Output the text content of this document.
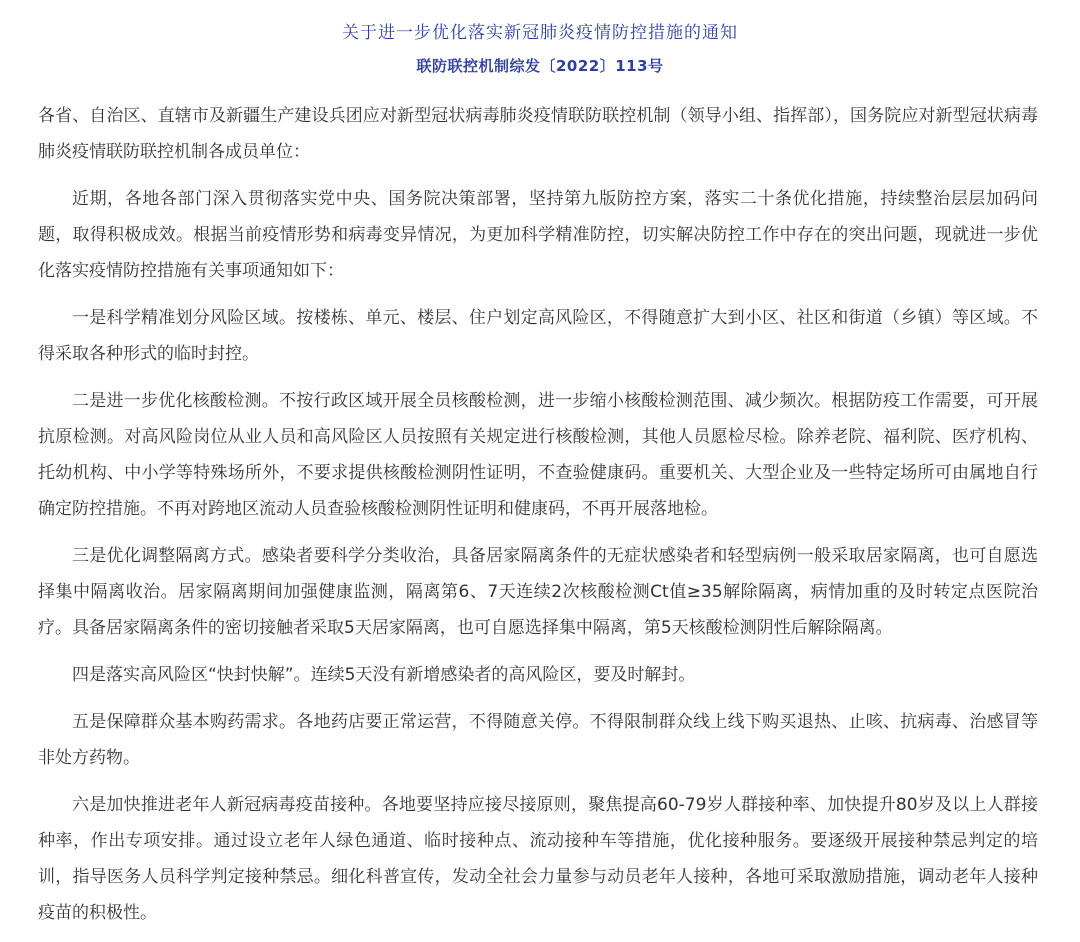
关于进一步优化落实新冠肺炎疫情防控措施的通知
联防联控机制综发〔2022〕113号

各省、自治区、直辖市及新疆生产建设兵团应对新型冠状病毒肺炎疫情联防联控机制（领导小组、指挥部），国务院应对新型冠状病毒肺炎疫情联防联控机制各成员单位：

近期，各地各部门深入贯彻落实党中央、国务院决策部署，坚持第九版防控方案，落实二十条优化措施，持续整治层层加码问题，取得积极成效。根据当前疫情形势和病毒变异情况，为更加科学精准防控，切实解决防控工作中存在的突出问题，现就进一步优化落实疫情防控措施有关事项通知如下：

一是科学精准划分风险区域。按楼栋、单元、楼层、住户划定高风险区，不得随意扩大到小区、社区和街道（乡镇）等区域。不得采取各种形式的临时封控。

二是进一步优化核酸检测。不按行政区域开展全员核酸检测，进一步缩小核酸检测范围、减少频次。根据防疫工作需要，可开展抗原检测。对高风险岗位从业人员和高风险区人员按照有关规定进行核酸检测，其他人员愿检尽检。除养老院、福利院、医疗机构、托幼机构、中小学等特殊场所外，不要求提供核酸检测阴性证明，不查验健康码。重要机关、大型企业及一些特定场所可由属地自行确定防控措施。不再对跨地区流动人员查验核酸检测阴性证明和健康码，不再开展落地检。

三是优化调整隔离方式。感染者要科学分类收治，具备居家隔离条件的无症状感染者和轻型病例一般采取居家隔离，也可自愿选择集中隔离收治。居家隔离期间加强健康监测，隔离第6、7天连续2次核酸检测Ct值≥35解除隔离，病情加重的及时转定点医院治疗。具备居家隔离条件的密切接触者采取5天居家隔离，也可自愿选择集中隔离，第5天核酸检测阴性后解除隔离。

四是落实高风险区“快封快解”。连续5天没有新增感染者的高风险区，要及时解封。

五是保障群众基本购药需求。各地药店要正常运营，不得随意关停。不得限制群众线上线下购买退热、止咳、抗病毒、治感冒等非处方药物。

六是加快推进老年人新冠病毒疫苗接种。各地要坚持应接尽接原则，聚焦提高60-79岁人群接种率、加快提升80岁及以上人群接种率，作出专项安排。通过设立老年人绿色通道、临时接种点、流动接种车等措施，优化接种服务。要逐级开展接种禁忌判定的培训，指导医务人员科学判定接种禁忌。细化科普宣传，发动全社会力量参与动员老年人接种，各地可采取激励措施，调动老年人接种疫苗的积极性。
